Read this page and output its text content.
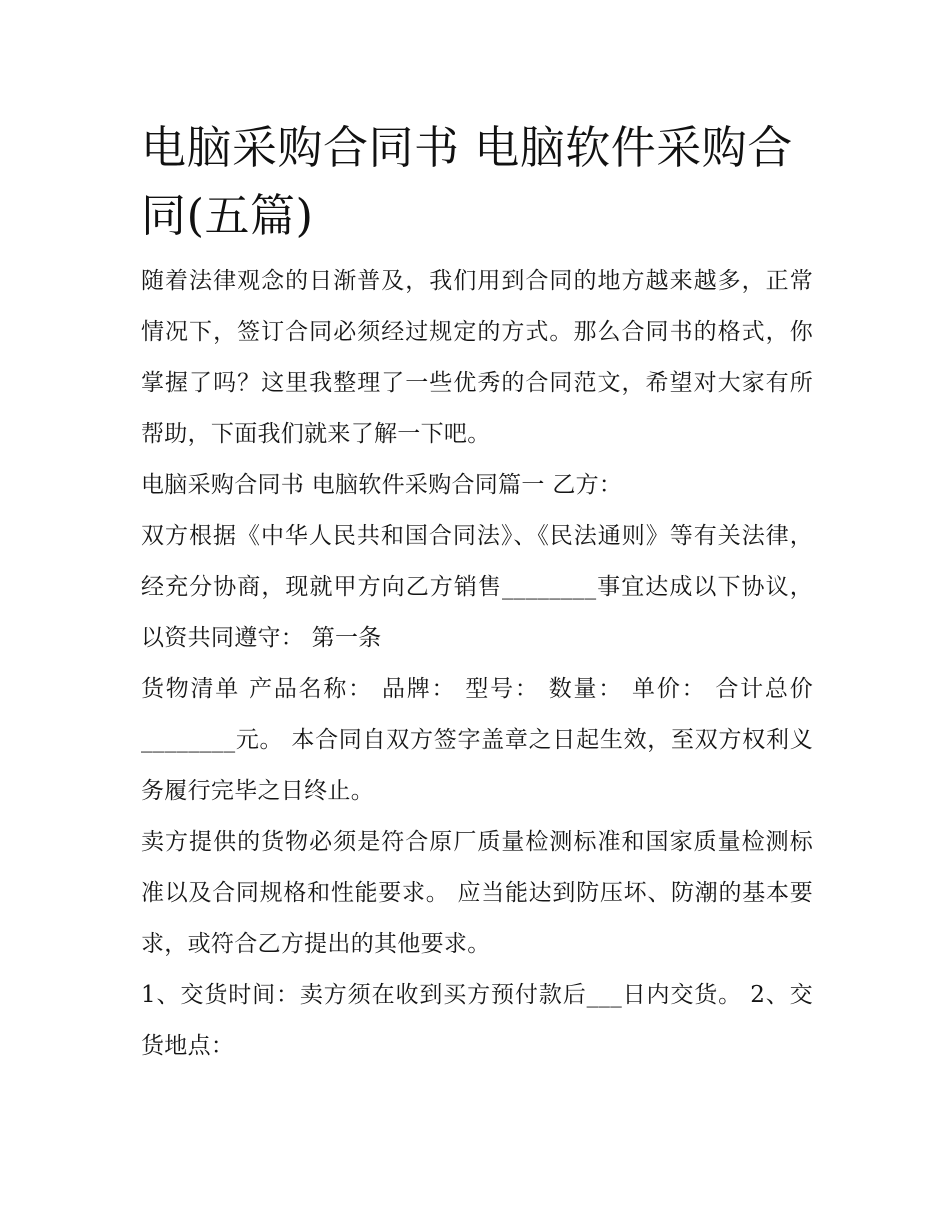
电脑采购合同书 电脑软件采购合同(五篇)

随着法律观念的日渐普及，我们用到合同的地方越来越多，正常情况下，签订合同必须经过规定的方式。那么合同书的格式，你掌握了吗？这里我整理了一些优秀的合同范文，希望对大家有所帮助，下面我们就来了解一下吧。

电脑采购合同书 电脑软件采购合同篇一 乙方：

双方根据《中华人民共和国合同法》、《民法通则》等有关法律，经充分协商，现就甲方向乙方销售________事宜达成以下协议，以资共同遵守： 第一条

货物清单 产品名称： 品牌： 型号： 数量： 单价： 合计总价________元。 本合同自双方签字盖章之日起生效，至双方权利义务履行完毕之日终止。

卖方提供的货物必须是符合原厂质量检测标准和国家质量检测标准以及合同规格和性能要求。 应当能达到防压坏、防潮的基本要求，或符合乙方提出的其他要求。

1、交货时间：卖方须在收到买方预付款后___日内交货。 2、交货地点：
